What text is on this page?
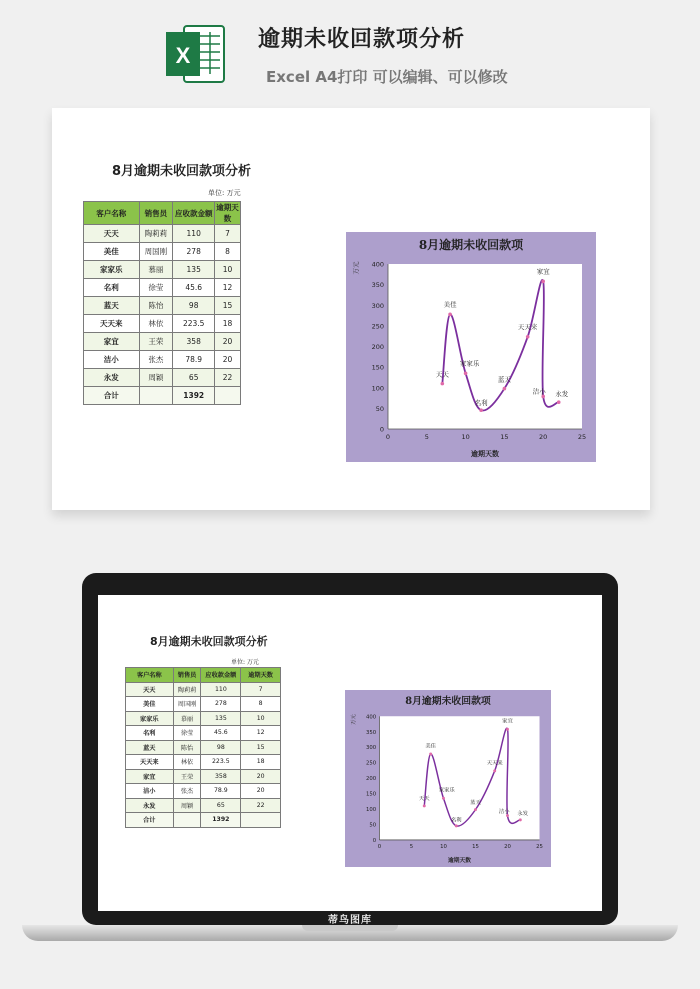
X
逾期未收回款项分析
Excel A4打印 可以编辑、可以修改
8月逾期未收回款项分析
单位: 万元
客户名称	销售员	应收款金额	逾期天数
天天	陶莉莉	110	7
美佳	周国刚	278	8
家家乐	慕丽	135	10
名利	徐莹	45.6	12
蓝天	陈怡	98	15
天天来	林依	223.5	18
家宜	王荣	358	20
洁小	张杰	78.9	20
永发	周颖	65	22
合计		1392	
8月逾期未收回款项
0
50
100
150
200
250
300
350
400
0	5	10	15	20	25
逾期天数
万元
天天
美佳
家家乐
名利
蓝天
天天来
家宜
洁小 永发
8月逾期未收回款项分析
单位: 万元
客户名称	销售员	应收款金额	逾期天数
天天	陶莉莉	110	7
美佳	周国刚	278	8
家家乐	慕丽	135	10
名利	徐莹	45.6	12
蓝天	陈怡	98	15
天天来	林依	223.5	18
家宜	王荣	358	20
洁小	张杰	78.9	20
永发	周颖	65	22
合计		1392	
8月逾期未收回款项
0
50
100
150
200
250
300
350
400
0	5	10	15	20	25
逾期天数
万元
天天
美佳
家家乐
名利
蓝天
天天来
家宜
洁小 永发
蒂鸟图库
